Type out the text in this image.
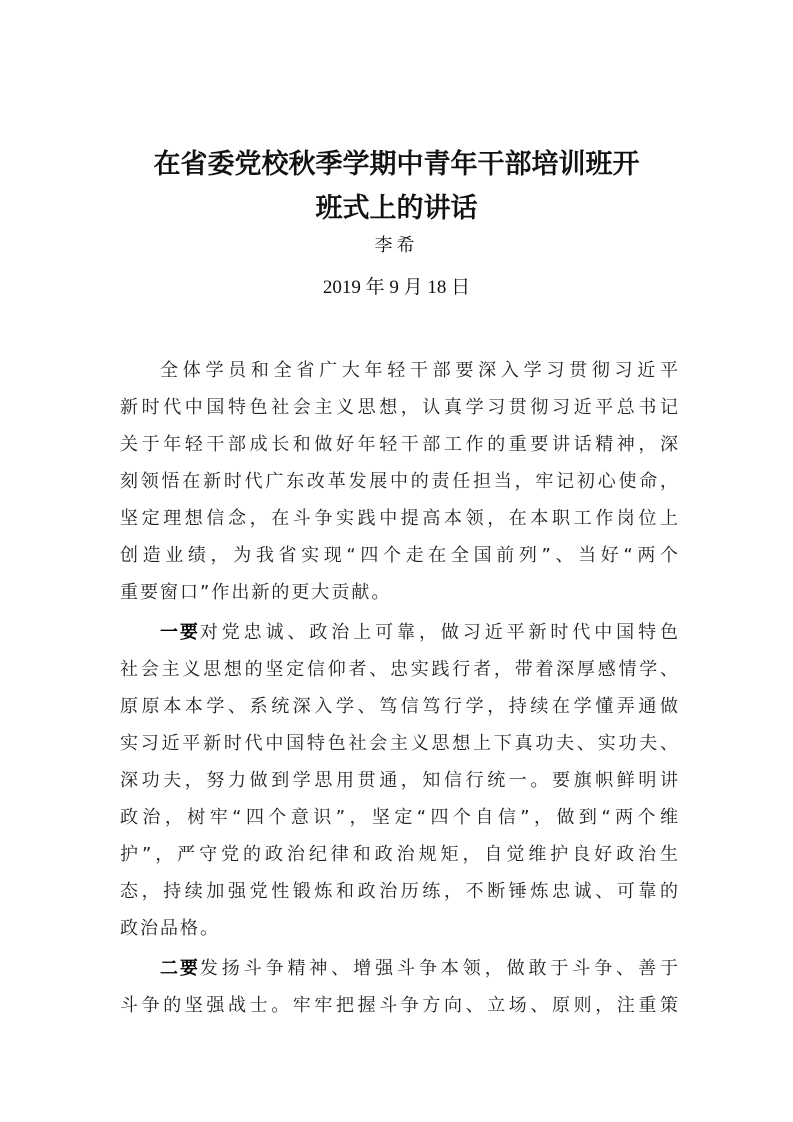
在省委党校秋季学期中青年干部培训班开
班式上的讲话
李希
2019 年 9 月 18 日
全体学员和全省广大年轻干部要深入学习贯彻习近平
新时代中国特色社会主义思想，认真学习贯彻习近平总书记
关于年轻干部成长和做好年轻干部工作的重要讲话精神，深
刻领悟在新时代广东改革发展中的责任担当，牢记初心使命，
坚定理想信念，在斗争实践中提高本领，在本职工作岗位上
创造业绩，为我省实现“四个走在全国前列”、当好“两个
重要窗口”作出新的更大贡献。
一要对党忠诚、政治上可靠，做习近平新时代中国特色
社会主义思想的坚定信仰者、忠实践行者，带着深厚感情学、
原原本本学、系统深入学、笃信笃行学，持续在学懂弄通做
实习近平新时代中国特色社会主义思想上下真功夫、实功夫、
深功夫，努力做到学思用贯通，知信行统一。要旗帜鲜明讲
政治，树牢“四个意识”，坚定“四个自信”，做到“两个维
护”，严守党的政治纪律和政治规矩，自觉维护良好政治生
态，持续加强党性锻炼和政治历练，不断锤炼忠诚、可靠的
政治品格。
二要发扬斗争精神、增强斗争本领，做敢于斗争、善于
斗争的坚强战士。牢牢把握斗争方向、立场、原则，注重策
